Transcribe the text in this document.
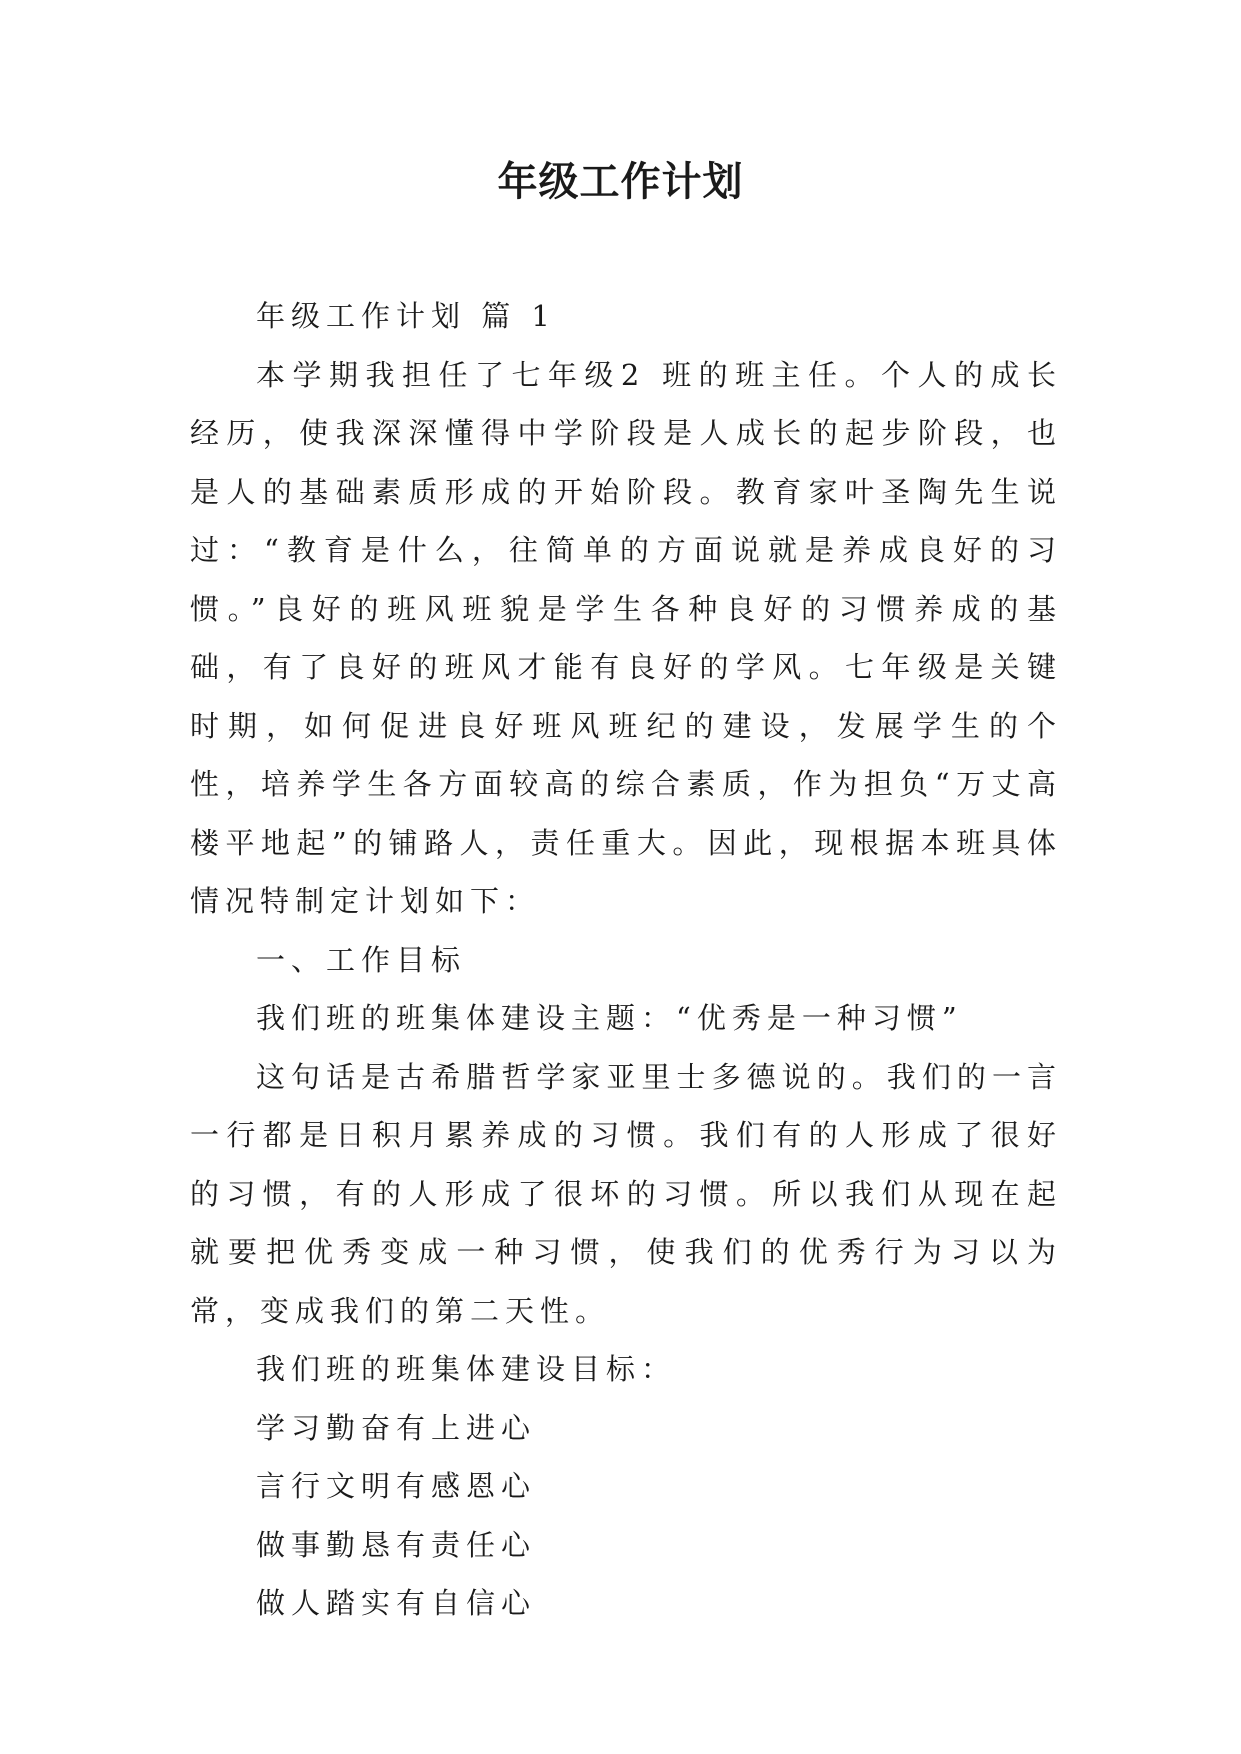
年级工作计划

年级工作计划 篇 1

本学期我担任了七年级2 班的班主任。个人的成长经历，使我深深懂得中学阶段是人成长的起步阶段，也是人的基础素质形成的开始阶段。教育家叶圣陶先生说过：“教育是什么，往简单的方面说就是养成良好的习惯。”良好的班风班貌是学生各种良好的习惯养成的基础，有了良好的班风才能有良好的学风。七年级是关键时期，如何促进良好班风班纪的建设，发展学生的个性，培养学生各方面较高的综合素质，作为担负“万丈高楼平地起”的铺路人，责任重大。因此，现根据本班具体情况特制定计划如下：

一、工作目标

我们班的班集体建设主题：“优秀是一种习惯”

这句话是古希腊哲学家亚里士多德说的。我们的一言一行都是日积月累养成的习惯。我们有的人形成了很好的习惯，有的人形成了很坏的习惯。所以我们从现在起就要把优秀变成一种习惯，使我们的优秀行为习以为常，变成我们的第二天性。

我们班的班集体建设目标：

学习勤奋有上进心

言行文明有感恩心

做事勤恳有责任心

做人踏实有自信心
